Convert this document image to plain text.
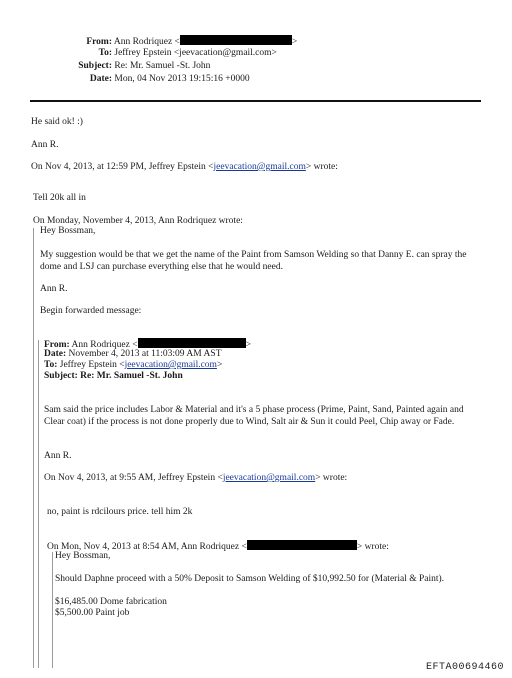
From: Ann Rodriquez <	>
To: Jeffrey Epstein <jeevacation@gmail.com>
Subject: Re: Mr. Samuel -St. John
Date: Mon, 04 Nov 2013 19:15:16 +0000
He said ok! :)
Ann R.
On Nov 4, 2013, at 12:59 PM, Jeffrey Epstein <jeevacation@gmail.com> wrote:
Tell 20k all in
On Monday, November 4, 2013, Ann Rodriquez wrote:
Hey Bossman,

My suggestion would be that we get the name of the Paint from Samson Welding so that Danny E. can spray the dome and LSJ can purchase everything else that he would need.

Ann R.
Begin forwarded message:
From: Ann Rodriquez <	>
Date: November 4, 2013 at 11:03:09 AM AST
To: Jeffrey Epstein <jeevacation@gmail.com>
Subject: Re: Mr. Samuel -St. John

Sam said the price includes Labor & Material and it's a 5 phase process (Prime, Paint, Sand, Painted again and Clear coat) if the process is not done properly due to Wind, Salt air & Sun it could Peel, Chip away or Fade.

Ann R.
On Nov 4, 2013, at 9:55 AM, Jeffrey Epstein <jeevacation@gmail.com> wrote:
no, paint is rdcilours price. tell him 2k
On Mon, Nov 4, 2013 at 8:54 AM, Ann Rodriquez <	> wrote:
Hey Bossman,
Should Daphne proceed with a 50% Deposit to Samson Welding of $10,992.50 for (Material & Paint).
$16,485.00 Dome fabrication
$5,500.00 Paint job
EFTA00694460
